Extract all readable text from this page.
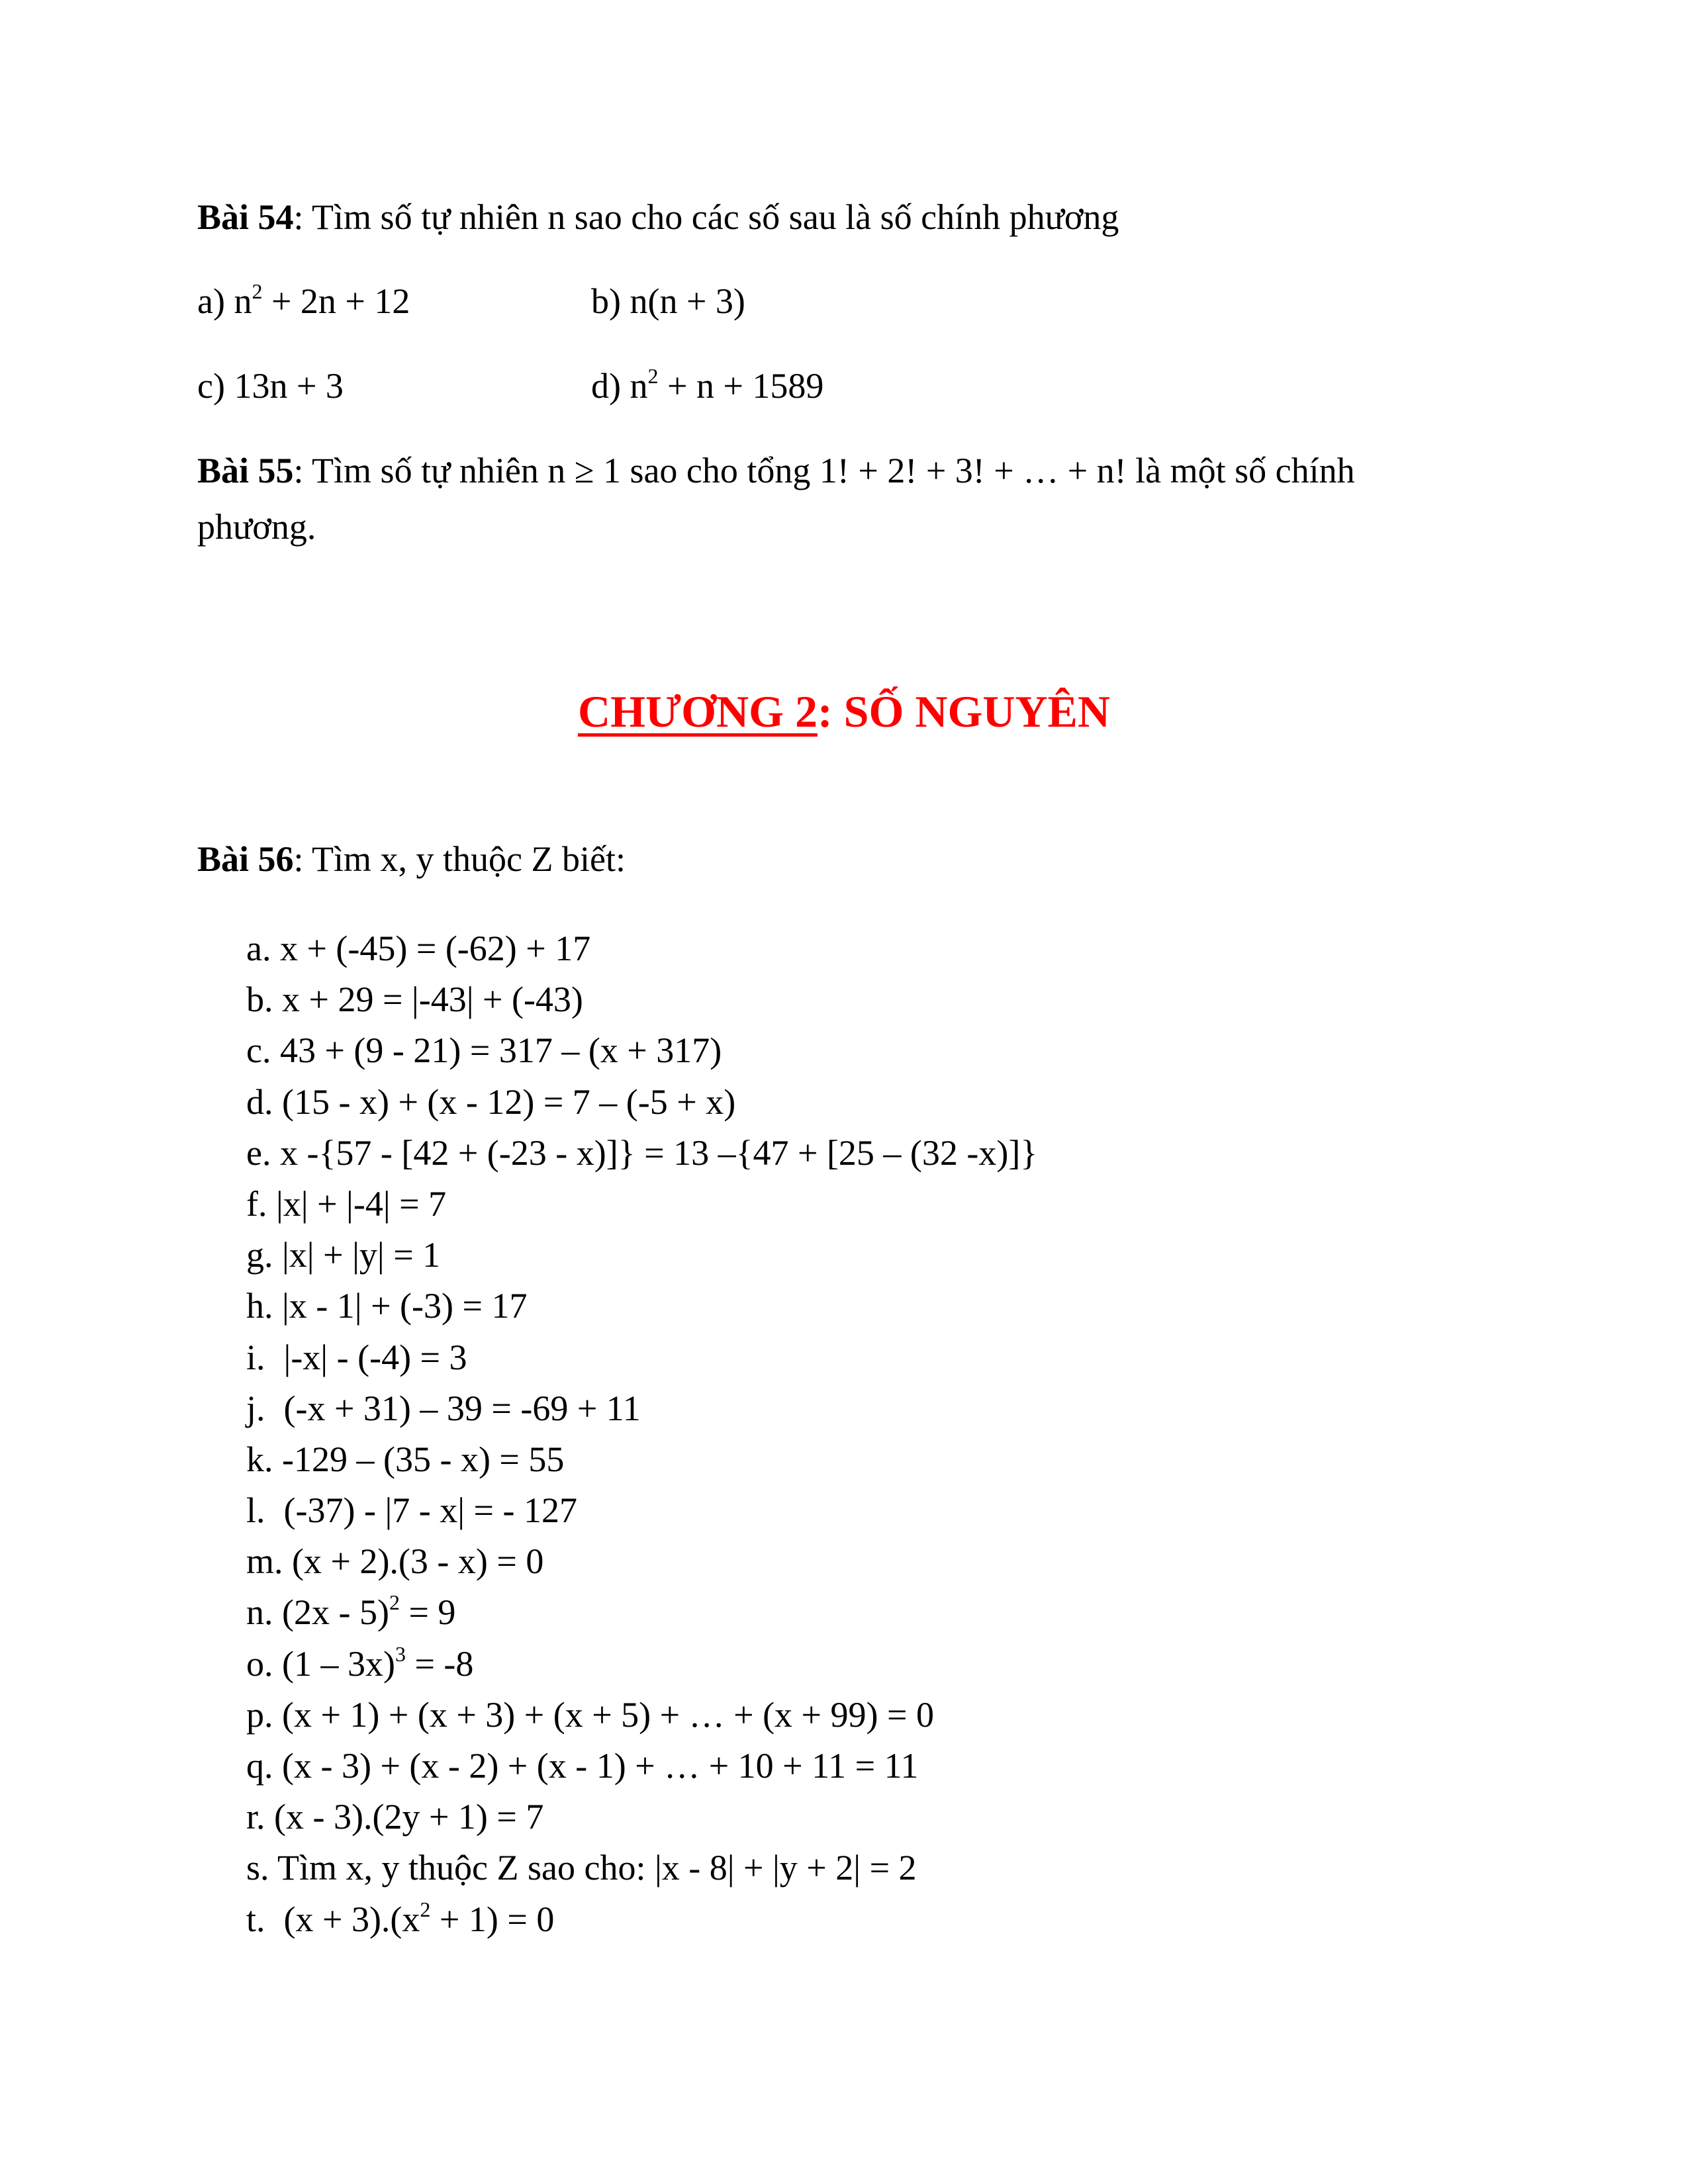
Bài 54: Tìm số tự nhiên n sao cho các số sau là số chính phương
a) $n^2 + 2n + 12$	b) n(n + 3)
c) 13n + 3	d) $n^2 + n + 1589$
Bài 55: Tìm số tự nhiên n ≥ 1 sao cho tổng 1! + 2! + 3! + … + n! là một số chính
phương.
CHƯƠNG 2: SỐ NGUYÊN
Bài 56: Tìm x, y thuộc Z biết:
a. x + (-45) = (-62) + 17
b. x + 29 = |-43| + (-43)
c. 43 + (9 - 21) = 317 – (x + 317)
d. (15 - x) + (x - 12) = 7 – (-5 + x)
e. x -{57 - [42 + (-23 - x)]} = 13 –{47 + [25 – (32 -x)]}
f. |x| + |-4| = 7
g. |x| + |y| = 1
h. |x - 1| + (-3) = 17
i. |-x| - (-4) = 3
j. (-x + 31) – 39 = -69 + 11
k. -129 – (35 - x) = 55
l. (-37) - |7 - x| = - 127
m. (x + 2).(3 - x) = 0
n. (2x - 5)$^2$ = 9
o. (1 – 3x)$^3$ = -8
p. (x + 1) + (x + 3) + (x + 5) + … + (x + 99) = 0
q. (x - 3) + (x - 2) + (x - 1) + … + 10 + 11 = 11
r. (x - 3).(2y + 1) = 7
s. Tìm x, y thuộc Z sao cho: |x - 8| + |y + 2| = 2
t. $(x + 3).(x^2 + 1) = 0$
